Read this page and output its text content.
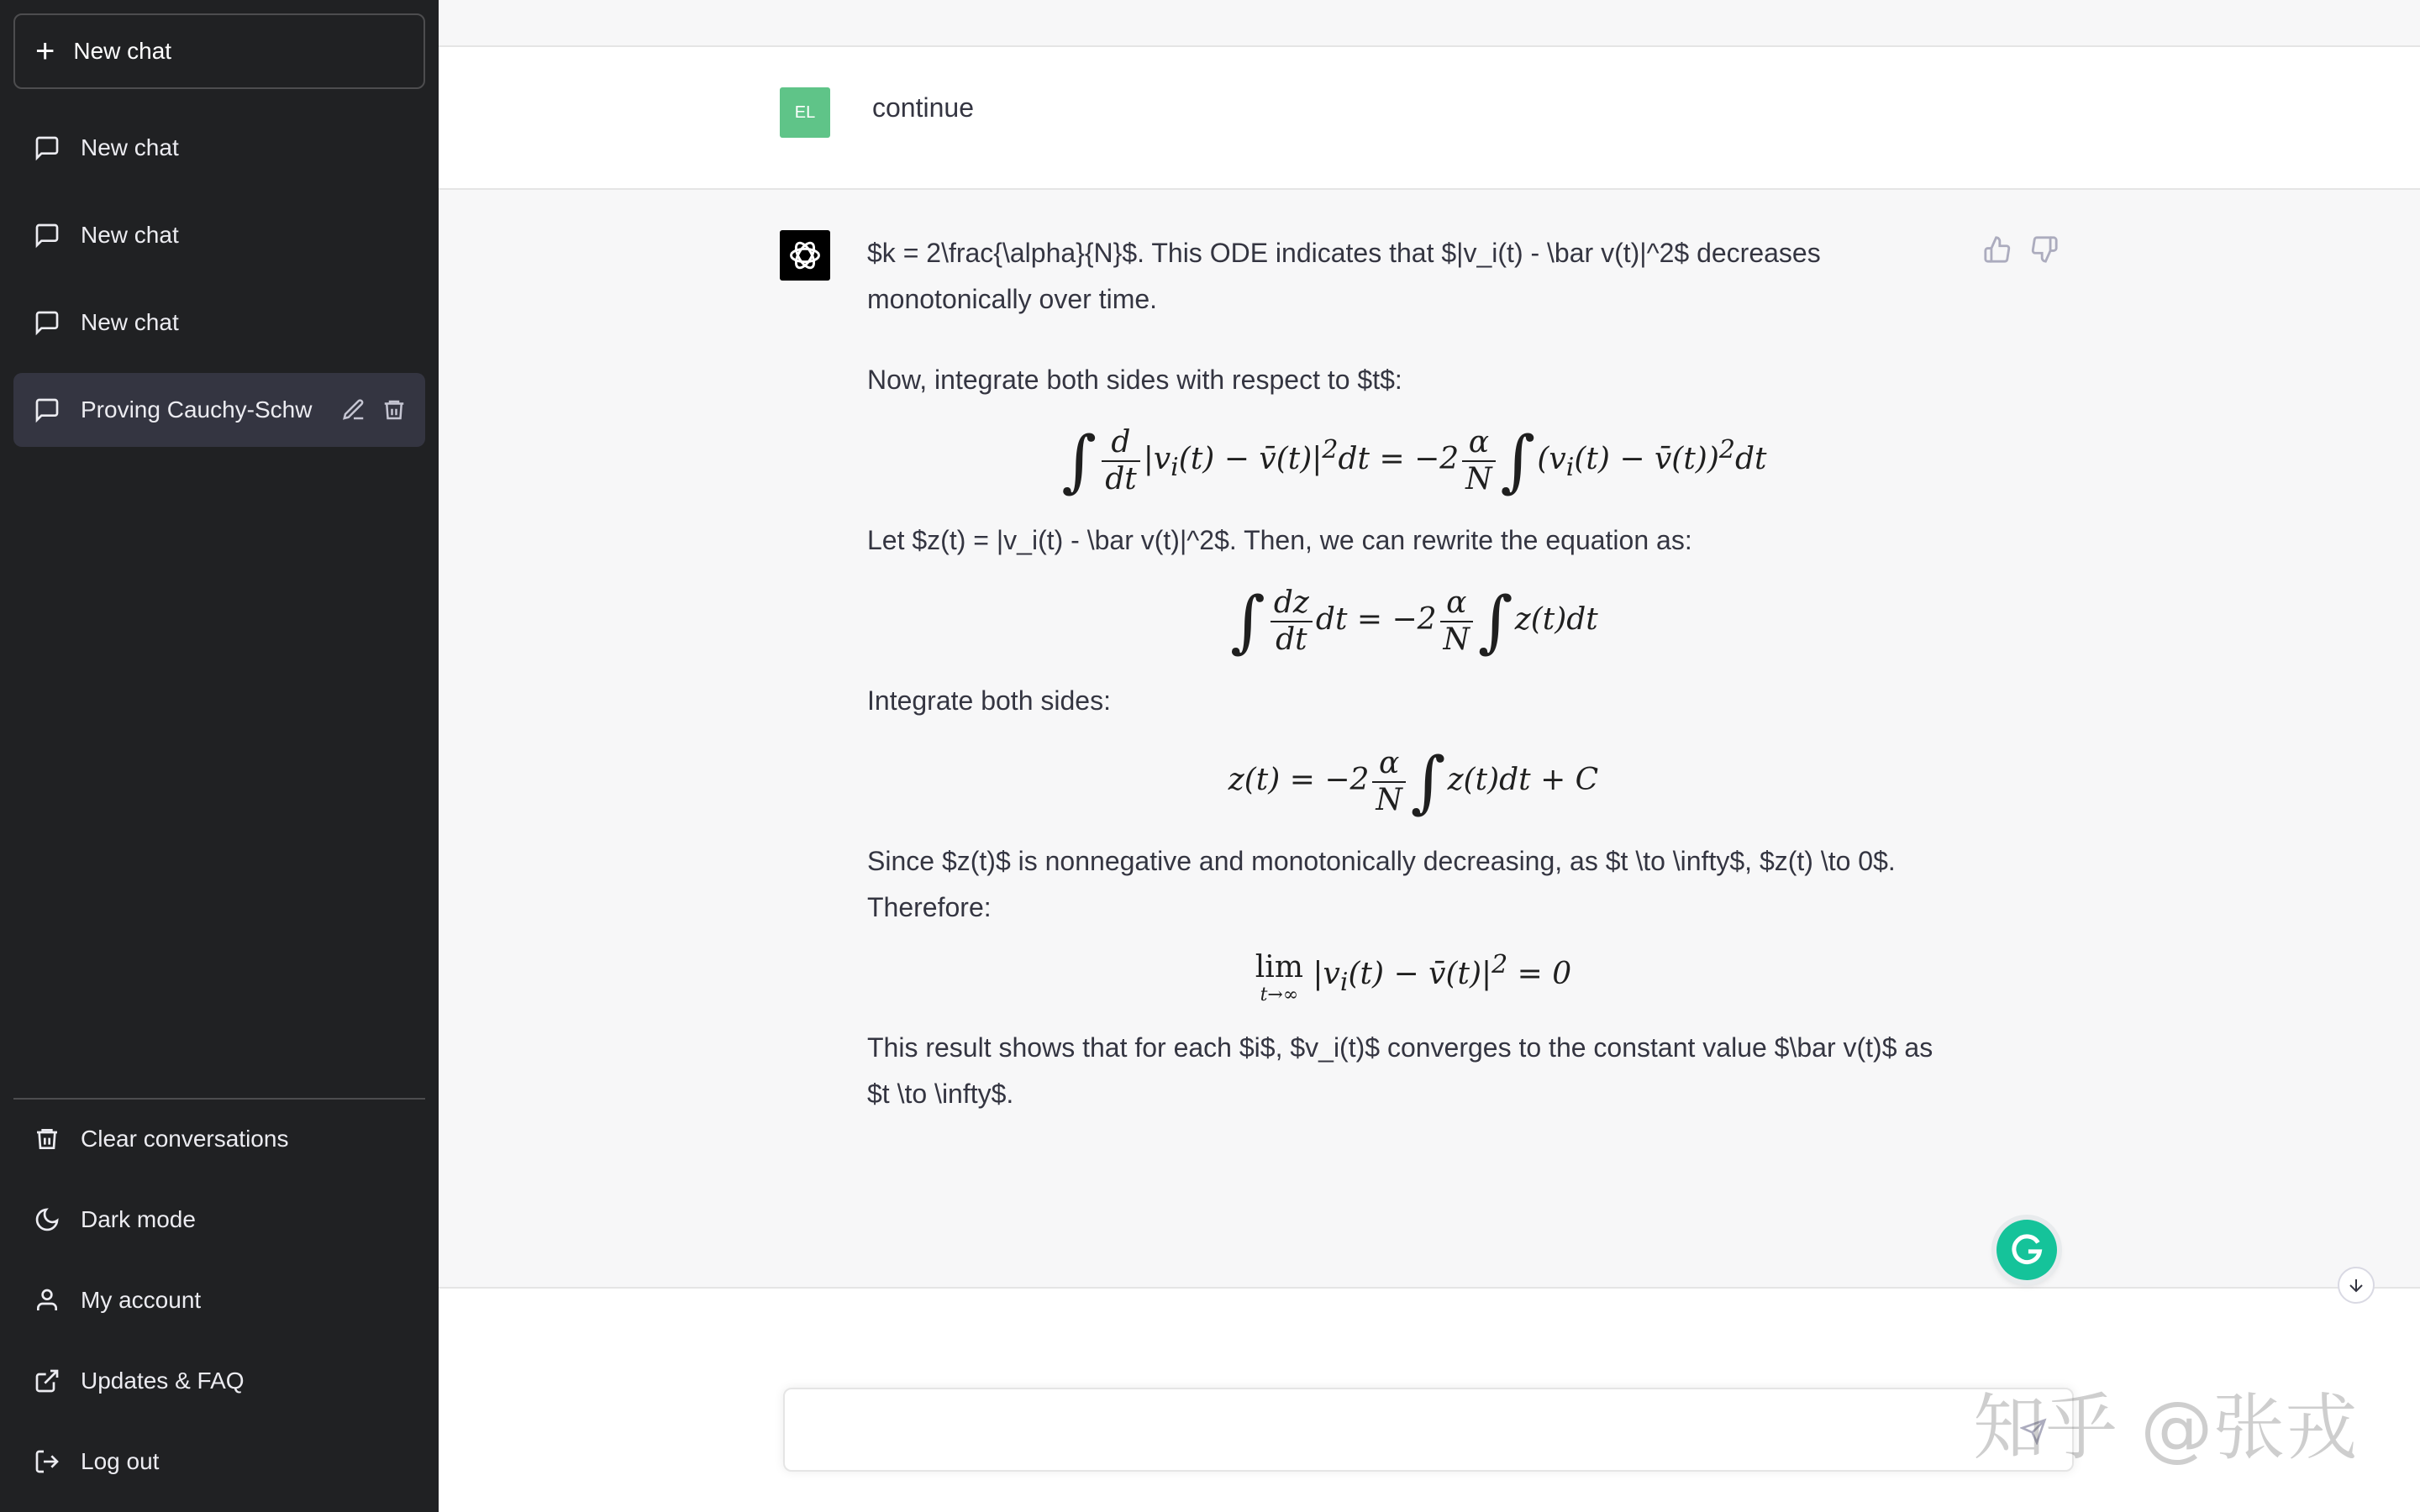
+ New chat
New chat
New chat
New chat
Proving Cauchy-Schw
Clear conversations
Dark mode
My account
Updates & FAQ
Log out
EL	continue

$k = 2\frac{\alpha}{N}$. This ODE indicates that $|v_i(t) - \bar v(t)|^2$ decreases monotonically over time.

Now, integrate both sides with respect to $t$:

∫ $\frac{d}{dt} |v_i(t)$ − $v̄(t)|^2dt = -2 \frac{\alpha}{N} \int(v_i(t)$ − v̄(t))$^2$dt

Let $z(t) = |v_i(t) - \bar v(t)|^2$. Then, we can rewrite the equation as:

∫ $\frac{dz}{dt}$ dt = $-2 \frac{\alpha}{N} \int z(t)dt$

Integrate both sides:

$z(t) = -2 \frac{\alpha}{N} \int z(t)dt + C$

Since $z(t)$ is nonnegative and monotonically decreasing, as $t \to \infty$, $z(t) \to 0$. Therefore:

lim
t→∞
$|v_i(t)$ − $v̄(t)|^2 = 0$

This result shows that for each $i$, $v_i(t)$ converges to the constant value $\bar v(t)$ as $t \to \infty$.

知乎 @张戎
